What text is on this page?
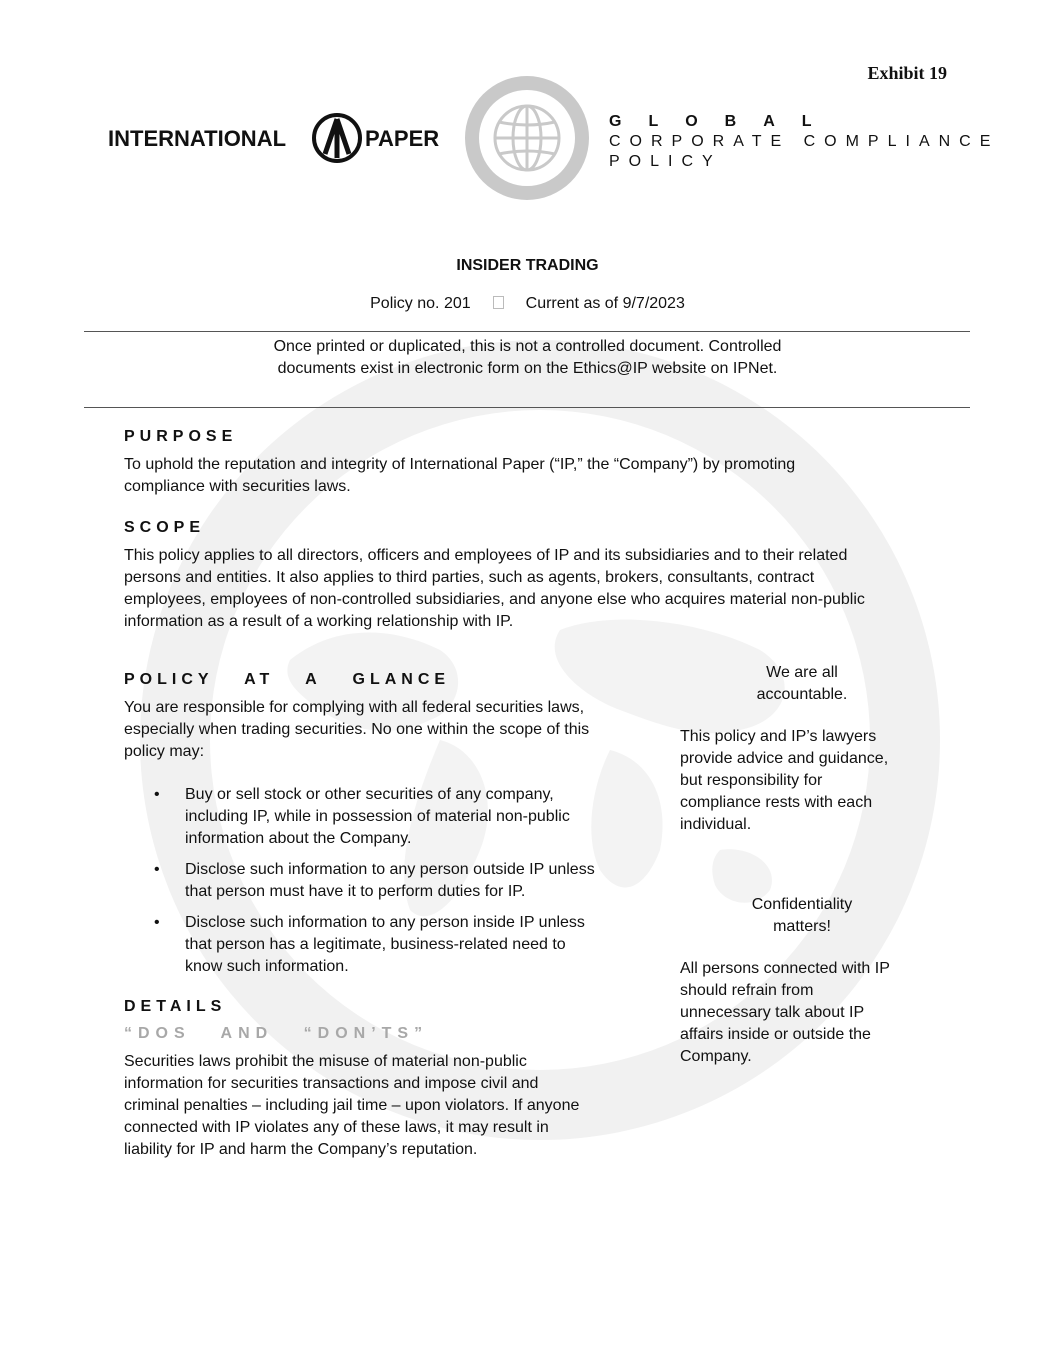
Exhibit 19
INTERNATIONAL	PAPER
GLOBAL
CORPORATE COMPLIANCE
POLICY
INSIDER TRADING
Policy no. 201	Current as of 9/7/2023
Once printed or duplicated, this is not a controlled document. Controlled
documents exist in electronic form on the Ethics@IP website on IPNet.
PURPOSE
To uphold the reputation and integrity of International Paper (“IP,” the “Company”) by promoting
compliance with securities laws.
SCOPE
This policy applies to all directors, officers and employees of IP and its subsidiaries and to their related
persons and entities. It also applies to third parties, such as agents, brokers, consultants, contract
employees, employees of non-controlled subsidiaries, and anyone else who acquires material non-public
information as a result of a working relationship with IP.
POLICY AT A GLANCE
You are responsible for complying with all federal securities laws,
especially when trading securities. No one within the scope of this
policy may:
• Buy or sell stock or other securities of any company,
including IP, while in possession of material non-public
information about the Company.
• Disclose such information to any person outside IP unless
that person must have it to perform duties for IP.
• Disclose such information to any person inside IP unless
that person has a legitimate, business-related need to
know such information.
DETAILS
“DOS AND “DON’TS”
Securities laws prohibit the misuse of material non-public
information for securities transactions and impose civil and
criminal penalties – including jail time – upon violators. If anyone
connected with IP violates any of these laws, it may result in
liability for IP and harm the Company’s reputation.
We are all
accountable.
This policy and IP’s lawyers
provide advice and guidance,
but responsibility for
compliance rests with each
individual.
Confidentiality
matters!
All persons connected with IP
should refrain from
unnecessary talk about IP
affairs inside or outside the
Company.
